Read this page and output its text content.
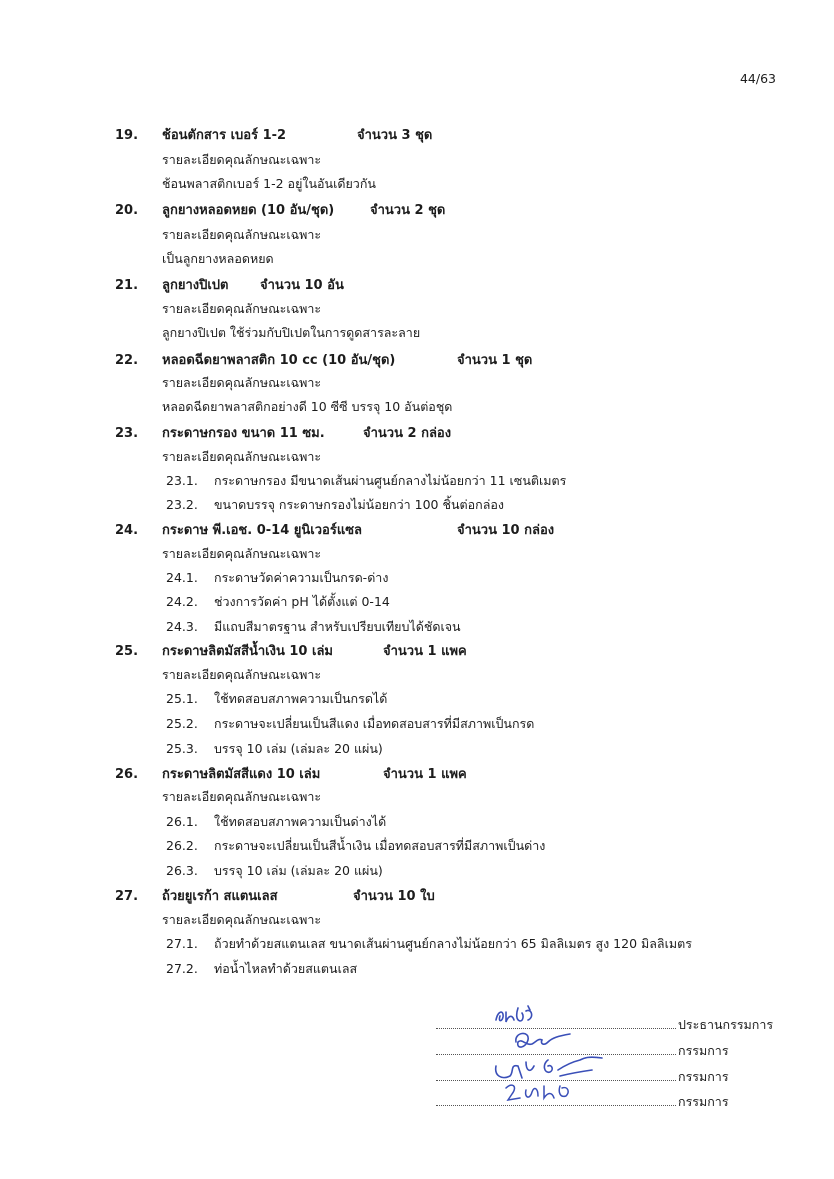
44/63
19. ช้อนตักสาร เบอร์ 1-2	จำนวน 3 ชุด
รายละเอียดคุณลักษณะเฉพาะ
ช้อนพลาสติกเบอร์ 1-2 อยู่ในอันเดียวกัน
20. ลูกยางหลอดหยด (10 อัน/ชุด)	จำนวน 2 ชุด
รายละเอียดคุณลักษณะเฉพาะ
เป็นลูกยางหลอดหยด
21. ลูกยางปิเปต จำนวน 10 อัน
รายละเอียดคุณลักษณะเฉพาะ
ลูกยางปิเปต ใช้ร่วมกับปิเปตในการดูดสารละลาย
22. หลอดฉีดยาพลาสติก 10 cc (10 อัน/ชุด)	จำนวน 1 ชุด
รายละเอียดคุณลักษณะเฉพาะ
หลอดฉีดยาพลาสติกอย่างดี 10 ซีซี บรรจุ 10 อันต่อชุด
23. กระดาษกรอง ขนาด 11 ซม.	จำนวน 2 กล่อง
รายละเอียดคุณลักษณะเฉพาะ
23.1. กระดาษกรอง มีขนาดเส้นผ่านศูนย์กลางไม่น้อยกว่า 11 เซนติเมตร
23.2. ขนาดบรรจุ กระดาษกรองไม่น้อยกว่า 100 ชิ้นต่อกล่อง
24. กระดาษ พี.เอช. 0-14 ยูนิเวอร์แซล	จำนวน 10 กล่อง
รายละเอียดคุณลักษณะเฉพาะ
24.1. กระดาษวัดค่าความเป็นกรด-ด่าง
24.2. ช่วงการวัดค่า pH ได้ตั้งแต่ 0-14
24.3. มีแถบสีมาตรฐาน สำหรับเปรียบเทียบได้ชัดเจน
25. กระดาษลิตมัสสีน้ำเงิน 10 เล่ม	จำนวน 1 แพค
รายละเอียดคุณลักษณะเฉพาะ
25.1. ใช้ทดสอบสภาพความเป็นกรดได้
25.2. กระดาษจะเปลี่ยนเป็นสีแดง เมื่อทดสอบสารที่มีสภาพเป็นกรด
25.3. บรรจุ 10 เล่ม (เล่มละ 20 แผ่น)
26. กระดาษลิตมัสสีแดง 10 เล่ม	จำนวน 1 แพค
รายละเอียดคุณลักษณะเฉพาะ
26.1. ใช้ทดสอบสภาพความเป็นด่างได้
26.2. กระดาษจะเปลี่ยนเป็นสีน้ำเงิน เมื่อทดสอบสารที่มีสภาพเป็นด่าง
26.3. บรรจุ 10 เล่ม (เล่มละ 20 แผ่น)
27. ถ้วยยูเรก้า สแตนเลส	จำนวน 10 ใบ
รายละเอียดคุณลักษณะเฉพาะ
27.1. ถ้วยทำด้วยสแตนเลส ขนาดเส้นผ่านศูนย์กลางไม่น้อยกว่า 65 มิลลิเมตร สูง 120 มิลลิเมตร
27.2. ท่อน้ำไหลทำด้วยสแตนเลส
ประธานกรรมการ
กรรมการ
กรรมการ
กรรมการ
